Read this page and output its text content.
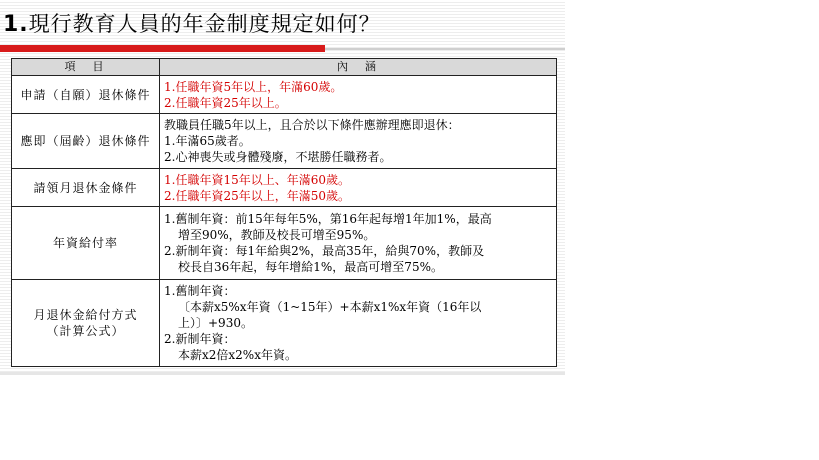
1.現行教育人員的年金制度規定如何？
項　目	內　涵
申請（自願）退休條件	1.任職年資5年以上，年滿60歲。
2.任職年資25年以上。

應即（屆齡）退休條件	教職員任職5年以上，且合於以下條件應辦理應即退休：
1.年滿65歲者。
2.心神喪失或身體殘廢，不堪勝任職務者。

請領月退休金條件	1.任職年資15年以上、年滿60歲。
2.任職年資25年以上，年滿50歲。

年資給付率	1.舊制年資：前15年每年5%，第16年起每增1年加1%，最高
增至90%，教師及校長可增至95%。
2.新制年資：每1年給與2%，最高35年，給與70%，教師及
校長自36年起，每年增給1%，最高可增至75%。

月退休金給付方式
（計算公式）	1.舊制年資：
〔本薪x5%x年資（1~15年）+本薪x1%x年資（16年以
上）〕+930。
2.新制年資：
本薪x2倍x2%x年資。
